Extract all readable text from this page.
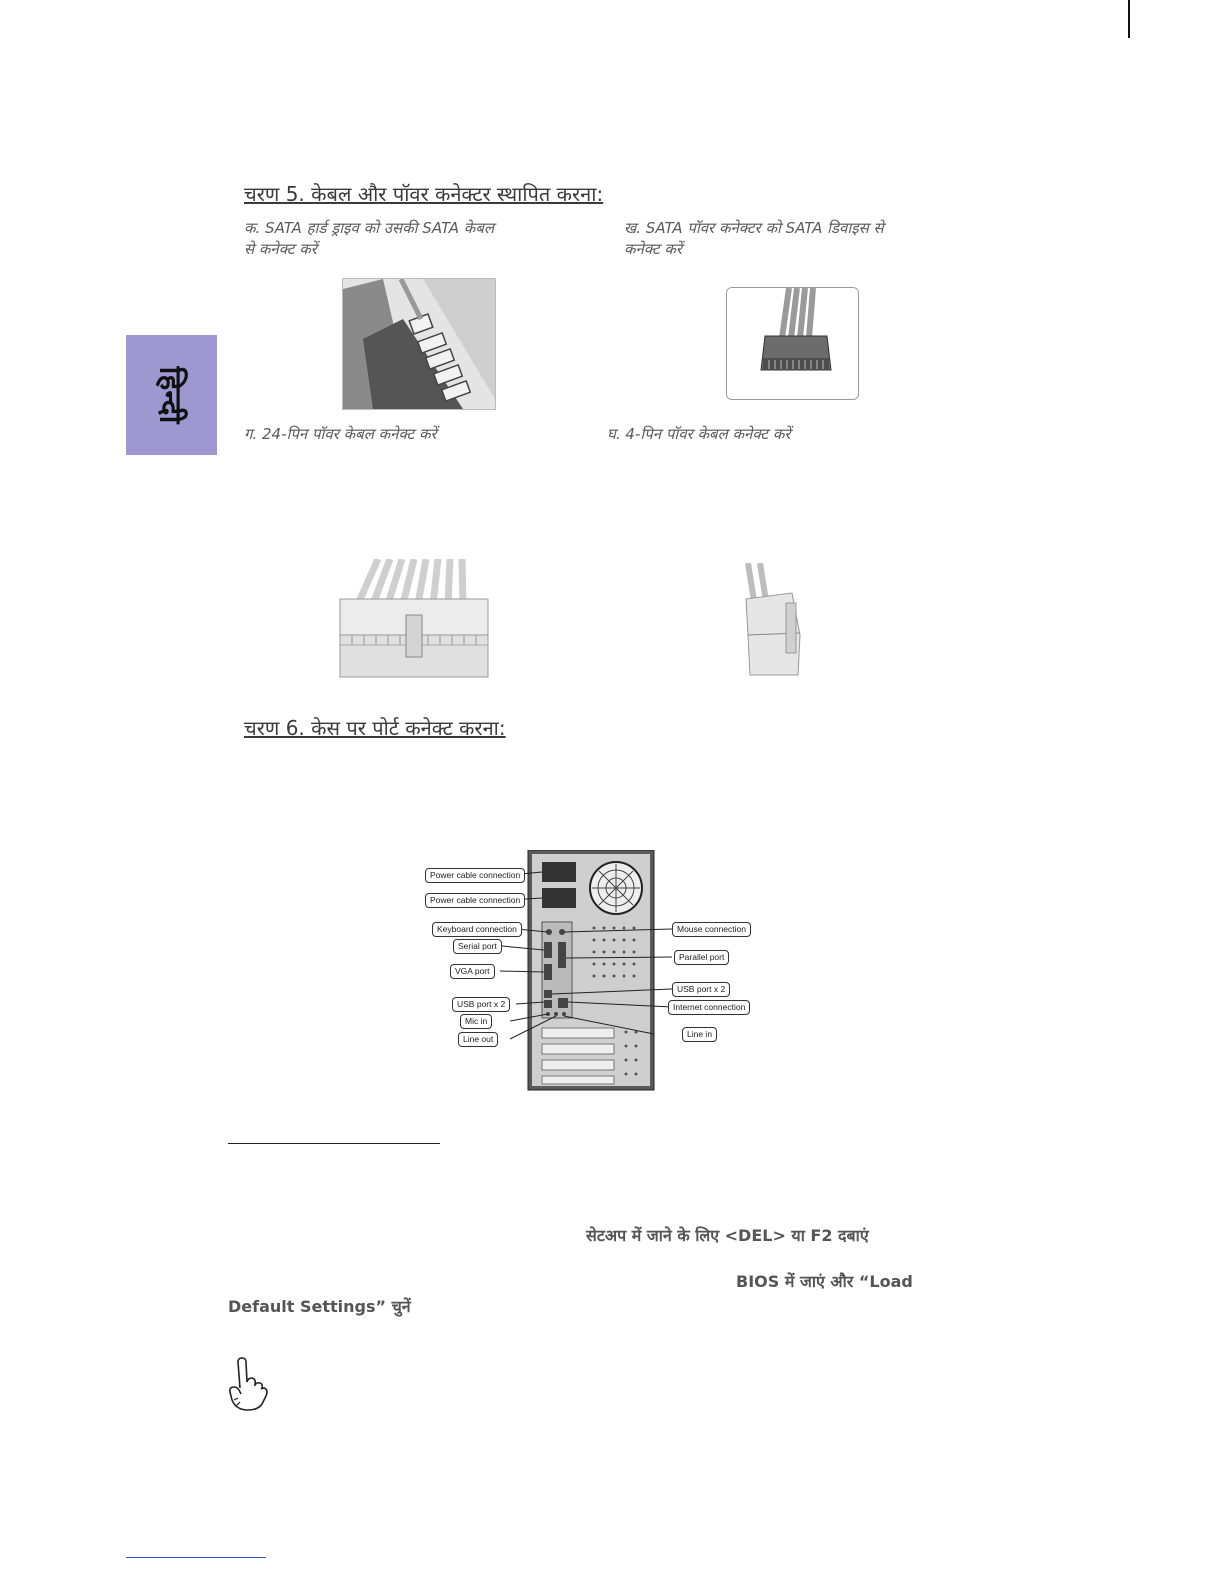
हिन्दी
चरण 5. केबल और पॉवर कनेक्टर स्थापित करना:
क. SATA हार्ड ड्राइव को उसकी SATA केबल
से कनेक्ट करें
ख. SATA पॉवर कनेक्टर को SATA डिवाइस से
कनेक्ट करें
ग. 24-पिन पॉवर केबल कनेक्ट करें	घ. 4-पिन पॉवर केबल कनेक्ट करें
चरण 6. केस पर पोर्ट कनेक्ट करना:
Power cable connection
Power cable connection
Keyboard connection
Serial port
VGA port
USB port x 2
Mic in
Line out
Mouse connection
Parallel port
USB port x 2
Internet connection
Line in
सेटअप में जाने के लिए <DEL> या F2 दबाएं
BIOS में जाएं और “Load
Default Settings” चुनें
